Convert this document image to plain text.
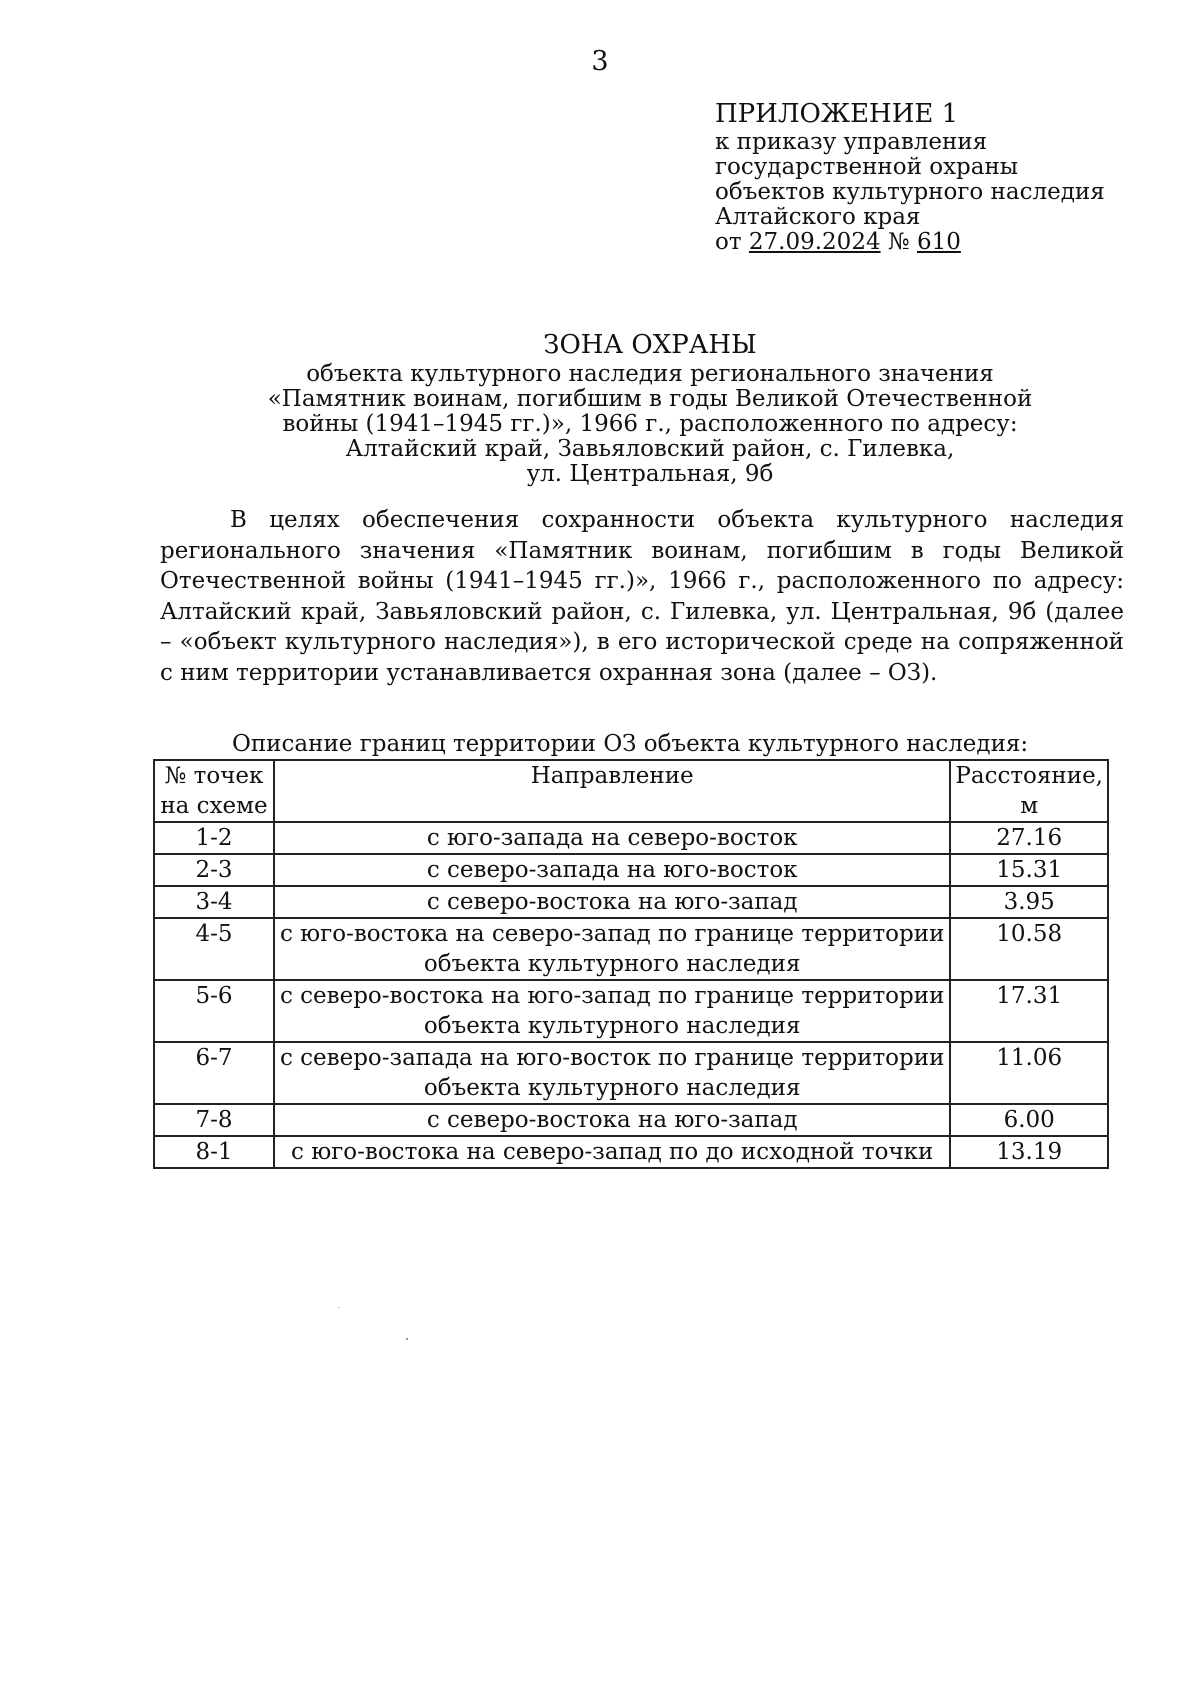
3
ПРИЛОЖЕНИЕ 1
к приказу управления
государственной охраны
объектов культурного наследия
Алтайского края
от 27.09.2024 № 610
ЗОНА ОХРАНЫ
объекта культурного наследия регионального значения
«Памятник воинам, погибшим в годы Великой Отечественной
войны (1941–1945 гг.)», 1966 г., расположенного по адресу:
Алтайский край, Завьяловский район, с. Гилевка,
ул. Центральная, 9б

В целях обеспечения сохранности объекта культурного наследия регионального значения «Памятник воинам, погибшим в годы Великой Отечественной войны (1941–1945 гг.)», 1966 г., расположенного по адресу: Алтайский край, Завьяловский район, с. Гилевка, ул. Центральная, 9б (далее – «объект культурного наследия»), в его исторической среде на сопряженной с ним территории устанавливается охранная зона (далее – ОЗ).

Описание границ территории ОЗ объекта культурного наследия:
№ точек на схеме	Направление	Расстояние, м
1-2	с юго-запада на северо-восток	27.16
2-3	с северо-запада на юго-восток	15.31
3-4	с северо-востока на юго-запад	3.95
4-5	с юго-востока на северо-запад по границе территории объекта культурного наследия	10.58
5-6	с северо-востока на юго-запад по границе территории объекта культурного наследия	17.31
6-7	с северо-запада на юго-восток по границе территории объекта культурного наследия	11.06
7-8	с северо-востока на юго-запад	6.00
8-1	с юго-востока на северо-запад по до исходной точки	13.19
